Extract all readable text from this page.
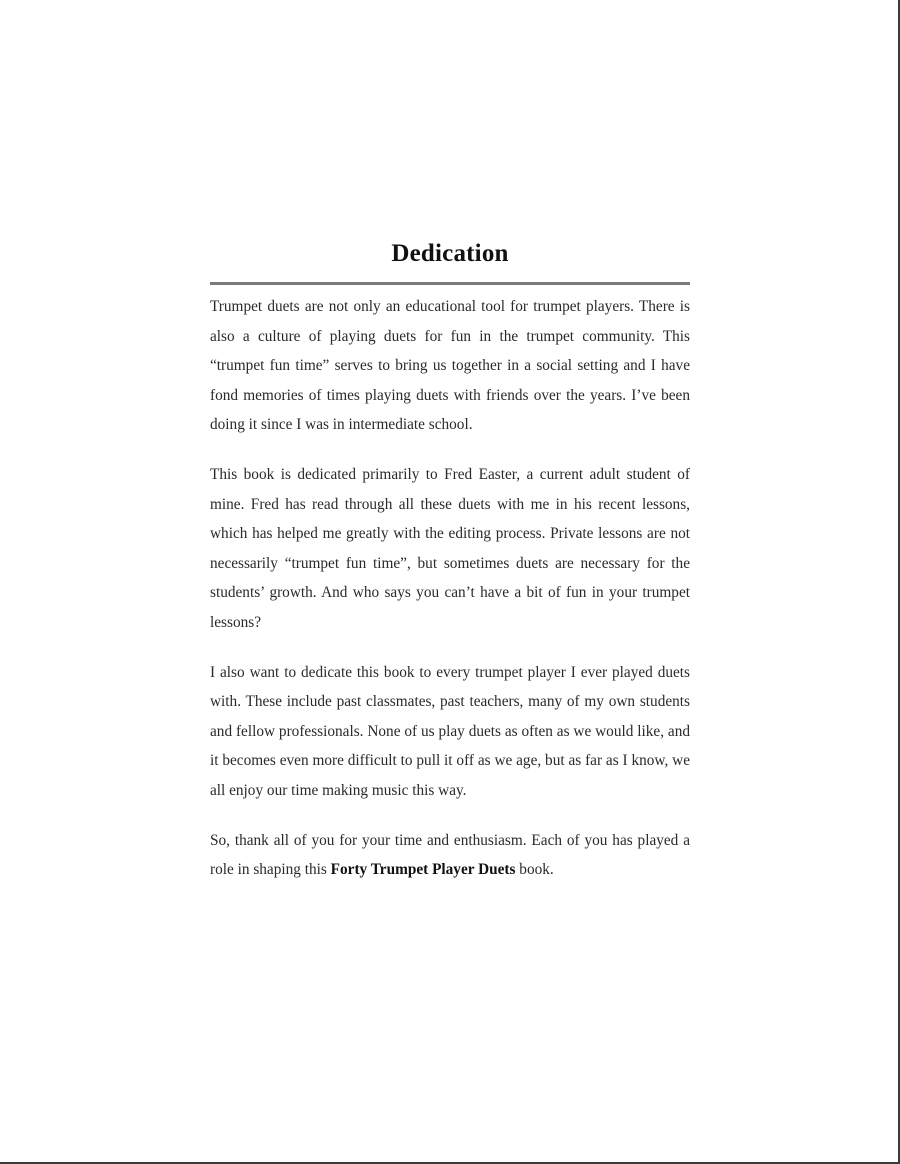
Dedication

Trumpet duets are not only an educational tool for trumpet players. There is also a culture of playing duets for fun in the trumpet community. This “trumpet fun time” serves to bring us together in a social setting and I have fond memories of times playing duets with friends over the years. I’ve been doing it since I was in intermediate school.

This book is dedicated primarily to Fred Easter, a current adult student of mine. Fred has read through all these duets with me in his recent lessons, which has helped me greatly with the editing process. Private lessons are not necessarily “trumpet fun time”, but sometimes duets are necessary for the students’ growth. And who says you can’t have a bit of fun in your trumpet lessons?

I also want to dedicate this book to every trumpet player I ever played duets with. These include past classmates, past teachers, many of my own students and fellow professionals. None of us play duets as often as we would like, and it becomes even more difficult to pull it off as we age, but as far as I know, we all enjoy our time making music this way.

So, thank all of you for your time and enthusiasm. Each of you has played a role in shaping this Forty Trumpet Player Duets book.
